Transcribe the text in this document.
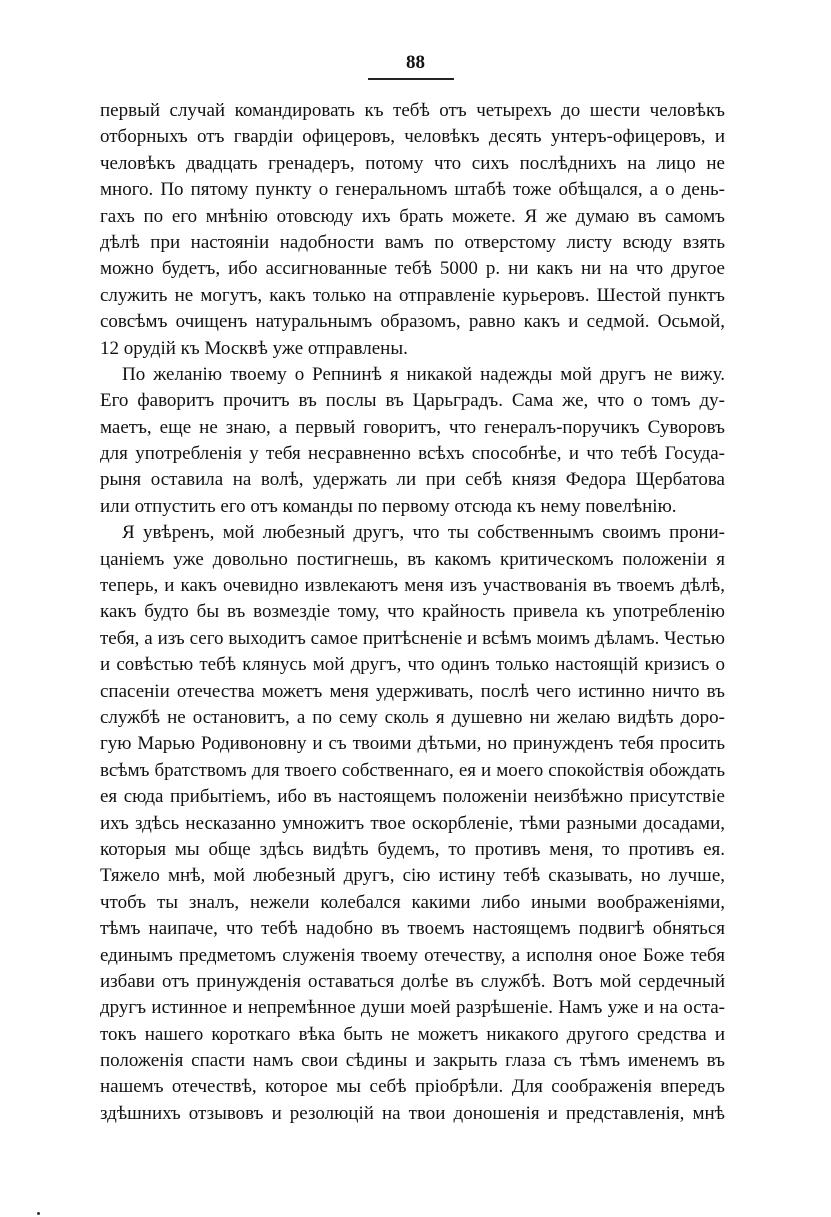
88
первый случай командировать къ тебѣ отъ четырехъ до шести человѣкъ
отборныхъ отъ гвардіи офицеровъ, человѣкъ десять унтеръ-офицеровъ, и
человѣкъ двадцать гренадеръ, потому что сихъ послѣднихъ на лицо не
много. По пятому пункту о генеральномъ штабѣ тоже обѣщался, а о день-
гахъ по его мнѣнію отовсюду ихъ брать можете. Я же думаю въ самомъ
дѣлѣ при настояніи надобности вамъ по отверстому листу всюду взять
можно будетъ, ибо ассигнованные тебѣ 5000 р. ни какъ ни на что другое
служить не могутъ, какъ только на отправленіе курьеровъ. Шестой пунктъ
совсѣмъ очищенъ натуральнымъ образомъ, равно какъ и седмой. Осьмой,
12 орудій къ Москвѣ уже отправлены.
По желанію твоему о Репнинѣ я никакой надежды мой другъ не вижу.
Его фаворитъ прочитъ въ послы въ Царьградъ. Сама же, что о томъ ду-
маетъ, еще не знаю, а первый говоритъ, что генералъ-поручикъ Суворовъ
для употребленія у тебя несравненно всѣхъ способнѣе, и что тебѣ Госуда-
рыня оставила на волѣ, удержать ли при себѣ князя Федора Щербатова
или отпустить его отъ команды по первому отсюда къ нему повелѣнію.
Я увѣренъ, мой любезный другъ, что ты собственнымъ своимъ прони-
цаніемъ уже довольно постигнешь, въ какомъ критическомъ положеніи я
теперь, и какъ очевидно извлекаютъ меня изъ участвованія въ твоемъ дѣлѣ,
какъ будто бы въ возмездіе тому, что крайность привела къ употребленію
тебя, а изъ сего выходитъ самое притѣсненіе и всѣмъ моимъ дѣламъ. Честью
и совѣстью тебѣ клянусь мой другъ, что одинъ только настоящій кризисъ о
спасеніи отечества можетъ меня удерживать, послѣ чего истинно ничто въ
службѣ не остановитъ, а по сему сколь я душевно ни желаю видѣть доро-
гую Марью Родивоновну и съ твоими дѣтьми, но принужденъ тебя просить
всѣмъ братствомъ для твоего собственнаго, ея и моего спокойствія обождать
ея сюда прибытіемъ, ибо въ настоящемъ положеніи неизбѣжно присутствіе
ихъ здѣсь несказанно умножитъ твое оскорбленіе, тѣми разными досадами,
которыя мы обще здѣсь видѣть будемъ, то противъ меня, то противъ ея.
Тяжело мнѣ, мой любезный другъ, сію истину тебѣ сказывать, но лучше,
чтобъ ты зналъ, нежели колебался какими либо иными воображеніями,
тѣмъ наипаче, что тебѣ надобно въ твоемъ настоящемъ подвигѣ обняться
единымъ предметомъ служенія твоему отечеству, а исполня оное Боже тебя
избави отъ принужденія оставаться долѣе въ службѣ. Вотъ мой сердечный
другъ истинное и непремѣнное души моей разрѣшеніе. Намъ уже и на оста-
токъ нашего короткаго вѣка быть не можетъ никакого другого средства и
положенія спасти намъ свои сѣдины и закрыть глаза съ тѣмъ именемъ въ
нашемъ отечествѣ, которое мы себѣ пріобрѣли. Для соображенія впередъ
здѣшнихъ отзывовъ и резолюцій на твои доношенія и представленія, мнѣ
